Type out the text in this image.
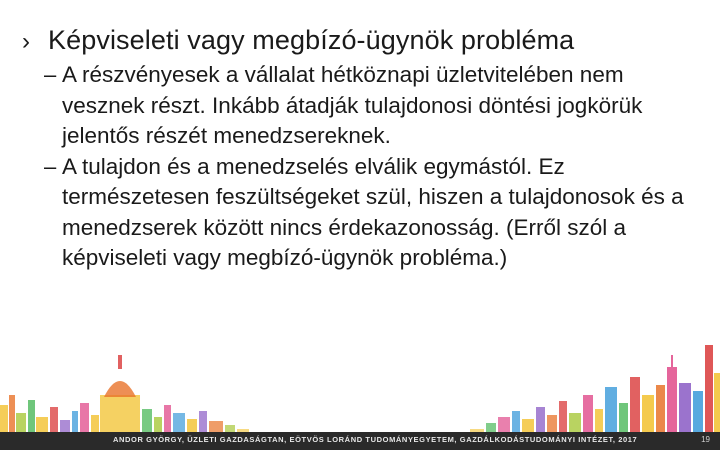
› Képviseleti vagy megbízó-ügynök probléma
– A részvényesek a vállalat hétköznapi üzletvitelében nem vesznek részt. Inkább átadják tulajdonosi döntési jogkörük jelentős részét menedzsereknek.
– A tulajdon és a menedzselés elválik egymástól. Ez természetesen feszültségeket szül, hiszen a tulajdonosok és a menedzserek között nincs érdekazonosság. (Erről szól a képviseleti vagy megbízó-ügynök probléma.)
ANDOR GYÖRGY, ÜZLETI GAZDASÁGTAN, EÖTVÖS LORÁND TUDOMÁNYEGYETEM, GAZDÁLKODÁSTUDOMÁNYI INTÉZET, 2017	19
